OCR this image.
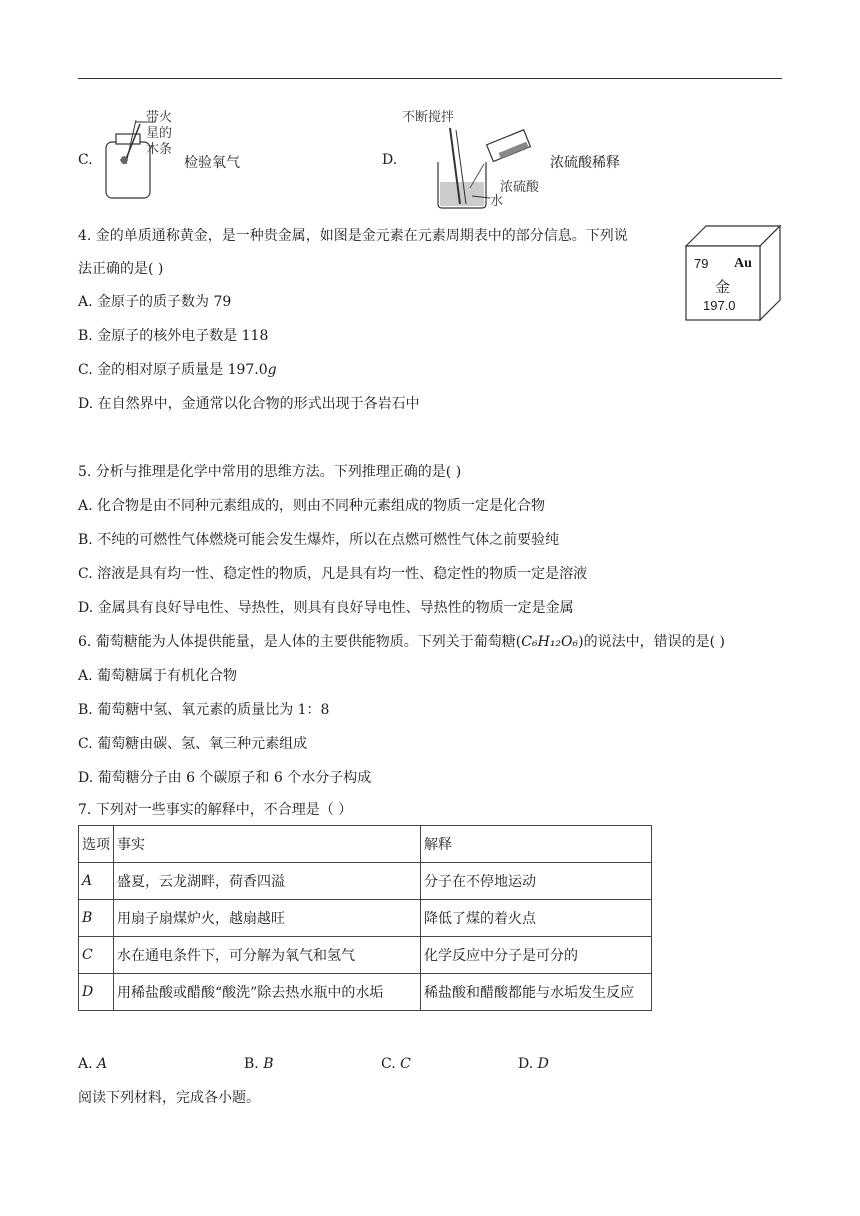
C.
带火
星的
木条
检验氧气	D.
不断搅拌
浓硫酸
水
浓硫酸稀释
4. 金的单质通称黄金，是一种贵金属，如图是金元素在元素周期表中的部分信息。下列说
法正确的是( )
A. 金原子的质子数为 79
B. 金原子的核外电子数是 118
C. 金的相对原子质量是 197.0𝑔
D. 在自然界中，金通常以化合物的形式出现于各岩石中
79 Au
金
197.0
5. 分析与推理是化学中常用的思维方法。下列推理正确的是( )
A. 化合物是由不同种元素组成的，则由不同种元素组成的物质一定是化合物
B. 不纯的可燃性气体燃烧可能会发生爆炸，所以在点燃可燃性气体之前要验纯
C. 溶液是具有均一性、稳定性的物质，凡是具有均一性、稳定性的物质一定是溶液
D. 金属具有良好导电性、导热性，则具有良好导电性、导热性的物质一定是金属
6. 葡萄糖能为人体提供能量，是人体的主要供能物质。下列关于葡萄糖(C₆H₁₂O₆)的说法中，错误的是( )
A. 葡萄糖属于有机化合物
B. 葡萄糖中氢、氧元素的质量比为 1：8
C. 葡萄糖由碳、氢、氧三种元素组成
D. 葡萄糖分子由 6 个碳原子和 6 个水分子构成
7. 下列对一些事实的解释中，不合理是（ ）
选项	事实	解释
A	盛夏，云龙湖畔，荷香四溢	分子在不停地运动
B	用扇子扇煤炉火，越扇越旺	降低了煤的着火点
C	水在通电条件下，可分解为氧气和氢气	化学反应中分子是可分的
D	用稀盐酸或醋酸“酸洗”除去热水瓶中的水垢	稀盐酸和醋酸都能与水垢发生反应
A. A	B. B	C. C	D. D
阅读下列材料，完成各小题。
